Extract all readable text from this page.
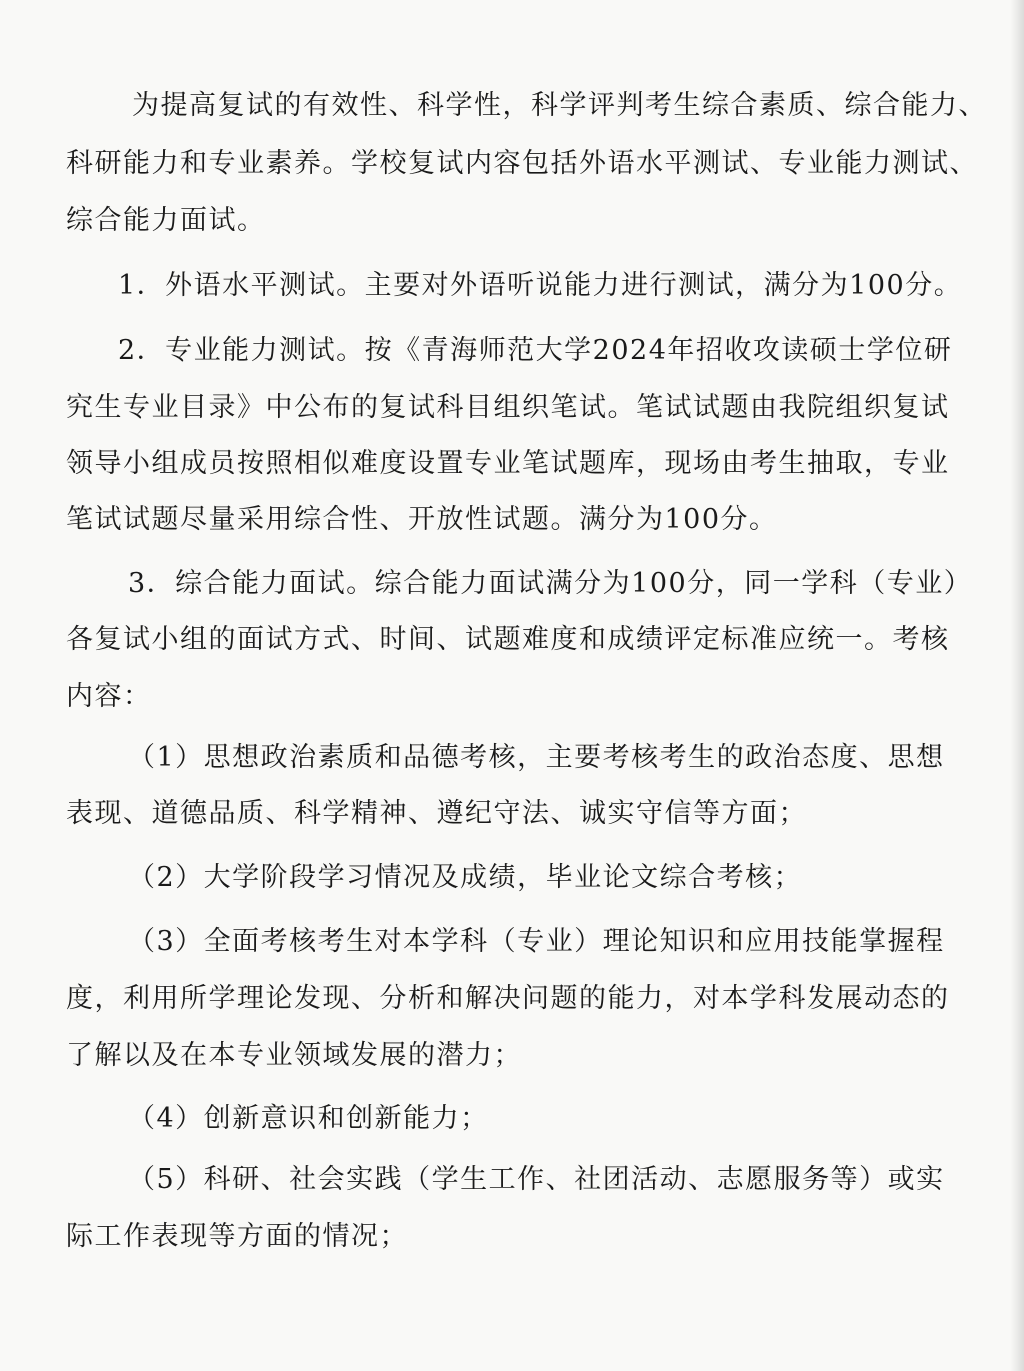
为提高复试的有效性、科学性，科学评判考生综合素质、综合能力、

科研能力和专业素养。学校复试内容包括外语水平测试、专业能力测试、

综合能力面试。

1．外语水平测试。主要对外语听说能力进行测试，满分为100分。

2．专业能力测试。按《青海师范大学2024年招收攻读硕士学位研

究生专业目录》中公布的复试科目组织笔试。笔试试题由我院组织复试

领导小组成员按照相似难度设置专业笔试题库，现场由考生抽取，专业

笔试试题尽量采用综合性、开放性试题。满分为100分。

3．综合能力面试。综合能力面试满分为100分，同一学科（专业）

各复试小组的面试方式、时间、试题难度和成绩评定标准应统一。考核

内容：

（1）思想政治素质和品德考核，主要考核考生的政治态度、思想

表现、道德品质、科学精神、遵纪守法、诚实守信等方面；

（2）大学阶段学习情况及成绩，毕业论文综合考核；

（3）全面考核考生对本学科（专业）理论知识和应用技能掌握程

度，利用所学理论发现、分析和解决问题的能力，对本学科发展动态的

了解以及在本专业领域发展的潜力；

（4）创新意识和创新能力；

（5）科研、社会实践（学生工作、社团活动、志愿服务等）或实

际工作表现等方面的情况；
